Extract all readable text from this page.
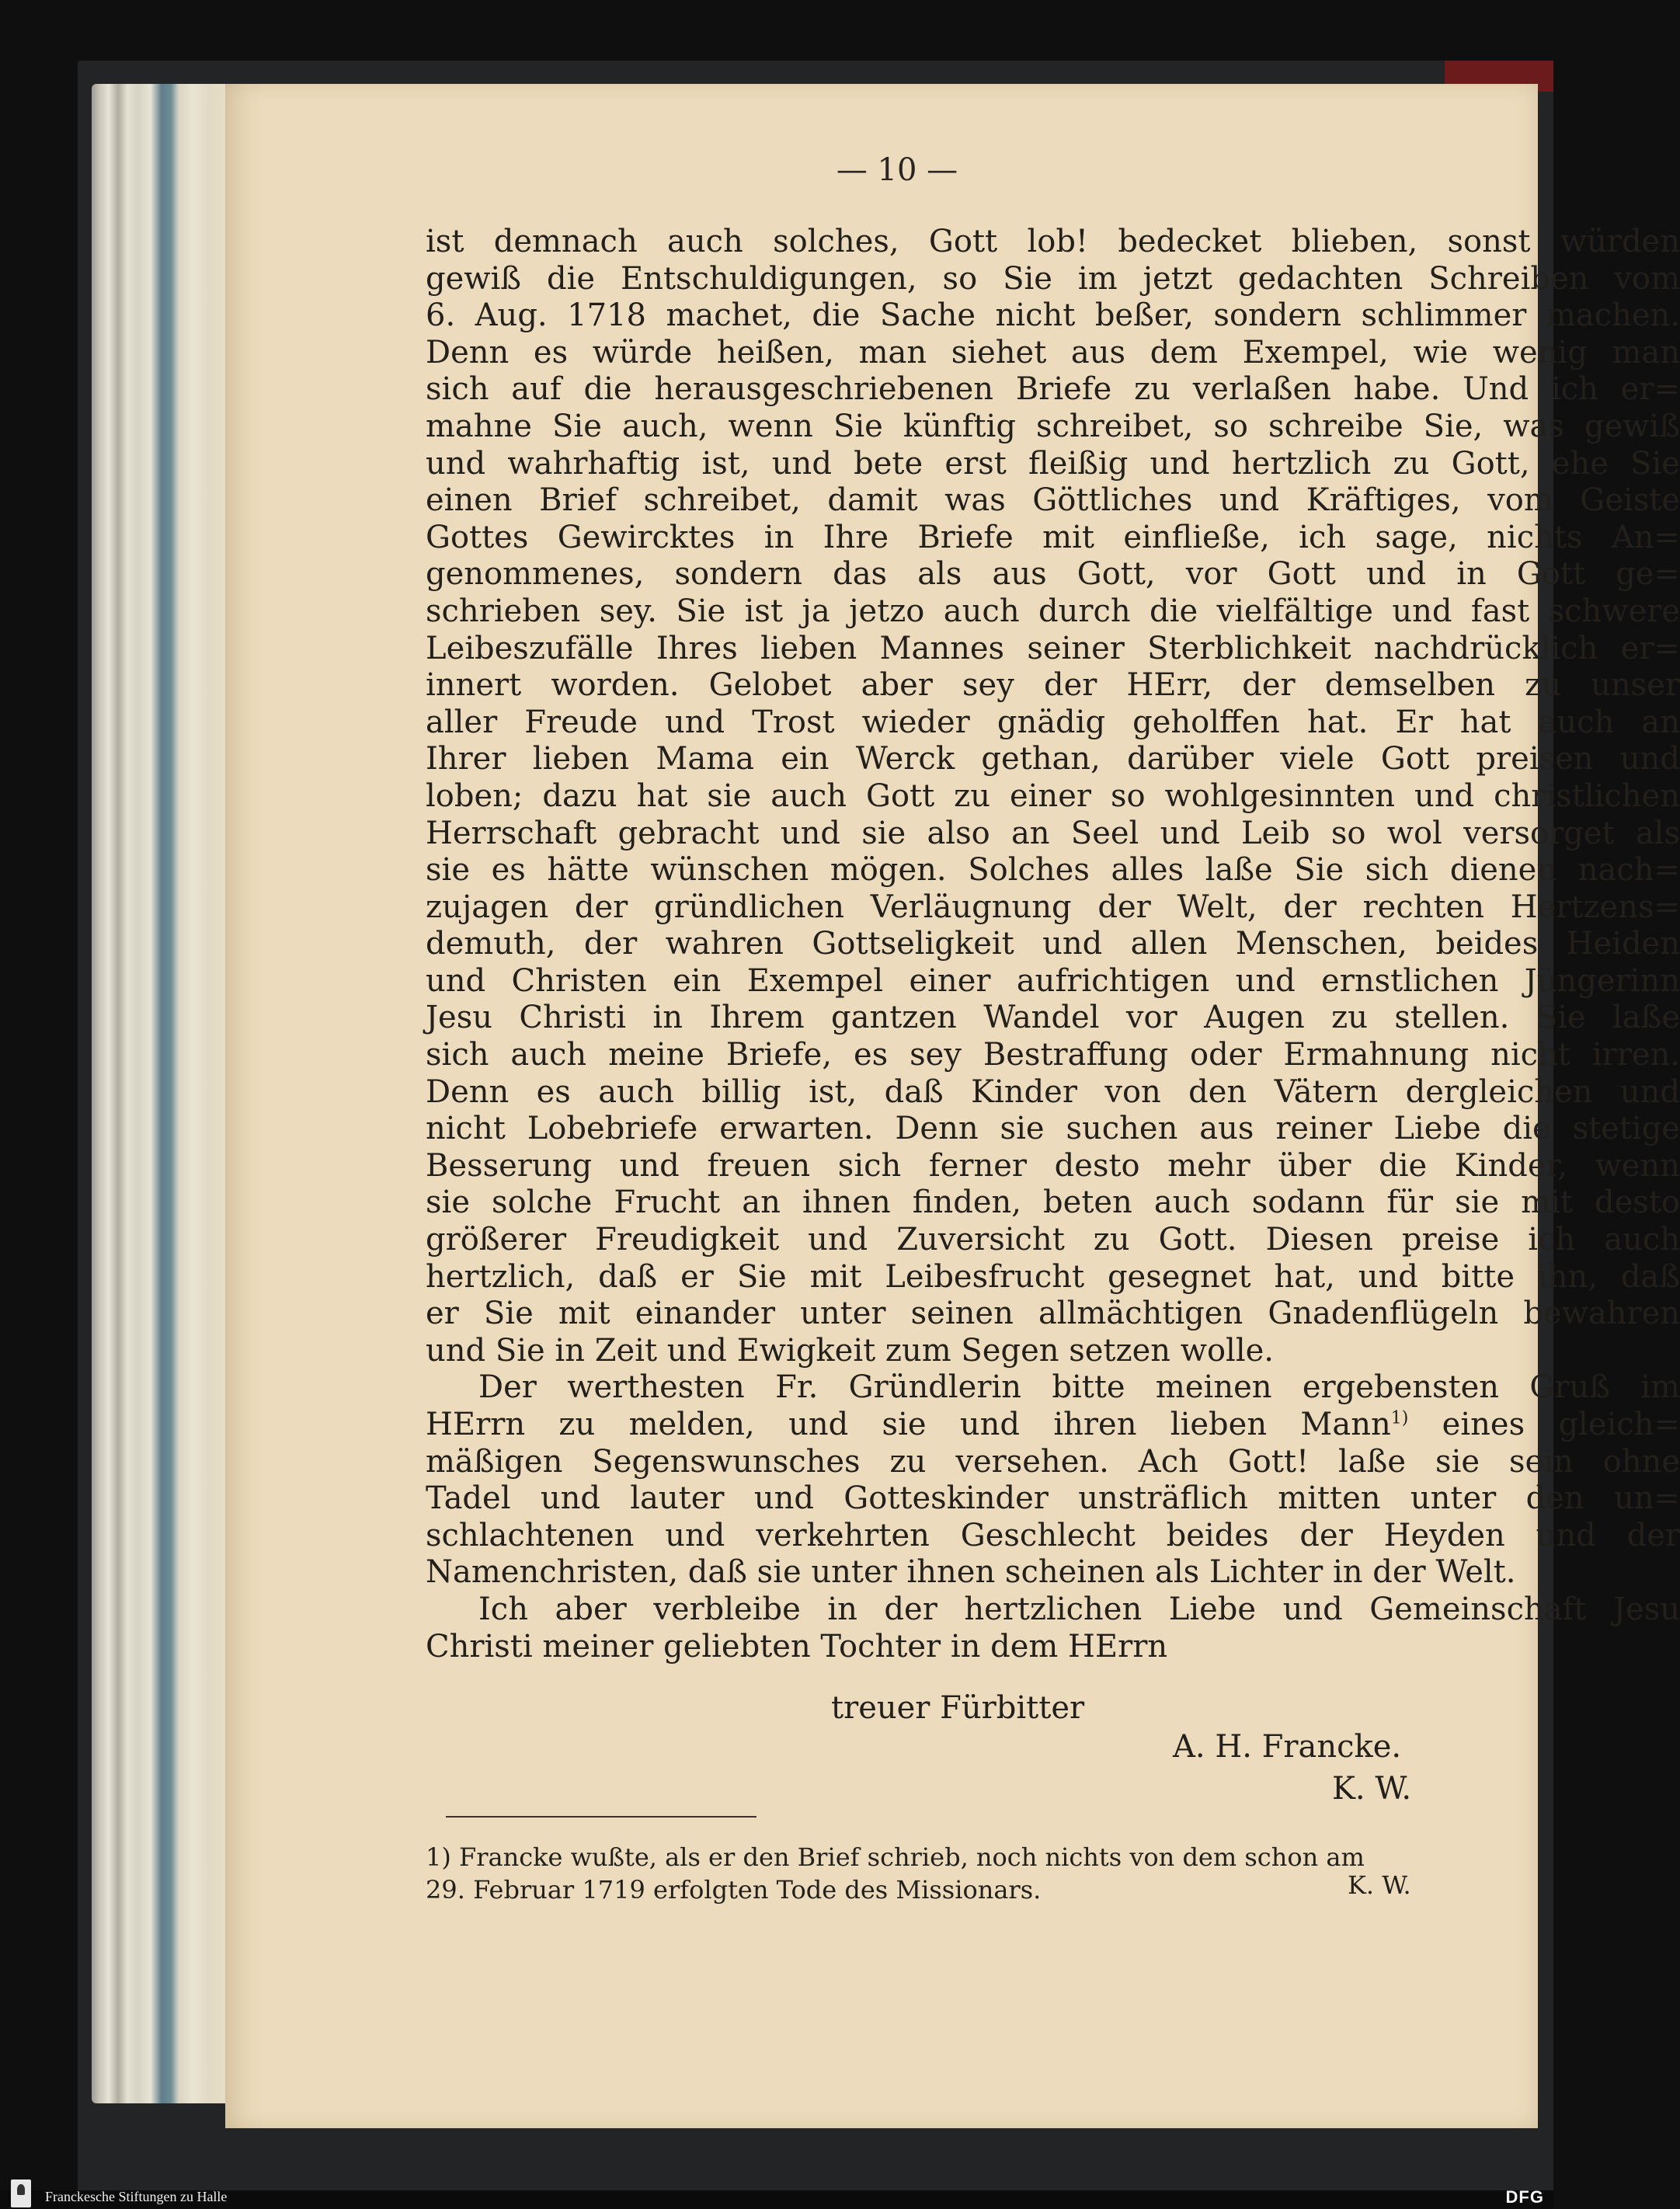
— 10 —
ist demnach auch solches, Gott lob! bedecket blieben, sonst würden
gewiß die Entschuldigungen, so Sie im jetzt gedachten Schreiben vom
6. Aug. 1718 machet, die Sache nicht beßer, sondern schlimmer machen.
Denn es würde heißen, man siehet aus dem Exempel, wie wenig man
sich auf die herausgeschriebenen Briefe zu verlaßen habe. Und ich er=
mahne Sie auch, wenn Sie künftig schreibet, so schreibe Sie, was gewiß
und wahrhaftig ist, und bete erst fleißig und hertzlich zu Gott, ehe Sie
einen Brief schreibet, damit was Göttliches und Kräftiges, vom Geiste
Gottes Gewircktes in Ihre Briefe mit einfließe, ich sage, nichts An=
genommenes, sondern das als aus Gott, vor Gott und in Gott ge=
schrieben sey. Sie ist ja jetzo auch durch die vielfältige und fast schwere
Leibeszufälle Ihres lieben Mannes seiner Sterblichkeit nachdrücklich er=
innert worden. Gelobet aber sey der HErr, der demselben zu unser
aller Freude und Trost wieder gnädig geholffen hat. Er hat auch an
Ihrer lieben Mama ein Werck gethan, darüber viele Gott preisen und
loben; dazu hat sie auch Gott zu einer so wohlgesinnten und christlichen
Herrschaft gebracht und sie also an Seel und Leib so wol versorget als
sie es hätte wünschen mögen. Solches alles laße Sie sich dienen nach=
zujagen der gründlichen Verläugnung der Welt, der rechten Hertzens=
demuth, der wahren Gottseligkeit und allen Menschen, beides Heiden
und Christen ein Exempel einer aufrichtigen und ernstlichen Jüngerinn
Jesu Christi in Ihrem gantzen Wandel vor Augen zu stellen. Sie laße
sich auch meine Briefe, es sey Bestraffung oder Ermahnung nicht irren.
Denn es auch billig ist, daß Kinder von den Vätern dergleichen und
nicht Lobebriefe erwarten. Denn sie suchen aus reiner Liebe die stetige
Besserung und freuen sich ferner desto mehr über die Kinder, wenn
sie solche Frucht an ihnen finden, beten auch sodann für sie mit desto
größerer Freudigkeit und Zuversicht zu Gott. Diesen preise ich auch
hertzlich, daß er Sie mit Leibesfrucht gesegnet hat, und bitte ihn, daß
er Sie mit einander unter seinen allmächtigen Gnadenflügeln bewahren
und Sie in Zeit und Ewigkeit zum Segen setzen wolle.
Der werthesten Fr. Gründlerin bitte meinen ergebensten Gruß im
HErrn zu melden, und sie und ihren lieben Mann$^{1)}$ eines gleich=
mäßigen Segenswunsches zu versehen. Ach Gott! laße sie sein ohne
Tadel und lauter und Gotteskinder unsträflich mitten unter den un=
schlachtenen und verkehrten Geschlecht beides der Heyden und der
Namenchristen, daß sie unter ihnen scheinen als Lichter in der Welt.
Ich aber verbleibe in der hertzlichen Liebe und Gemeinschaft Jesu
Christi meiner geliebten Tochter in dem HErrn
treuer Fürbitter
A. H. Francke.
K. W.
1) Francke wußte, als er den Brief schrieb, noch nichts von dem schon am
29. Februar 1719 erfolgten Tode des Missionars.	K. W.
Franckesche Stiftungen zu Halle	DFG
